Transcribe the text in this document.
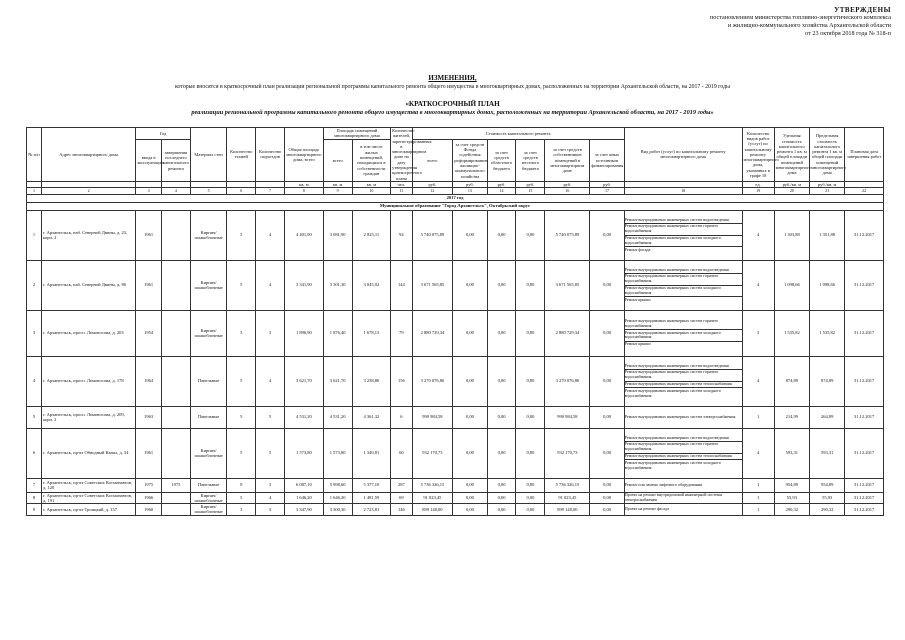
УТВЕРЖДЕНЫ
постановлением министерства топливно-энергетического комплекса
и жилищно-коммунального хозяйства Архангельской области
от 23 октября 2018 года № 318-п
ИЗМЕНЕНИЯ,
которые вносятся в краткосрочный план реализации региональной программы капитального ремонта общего имущества в многоквартирных домах, расположенных на территории Архангельской области, на 2017 - 2019 годы
«КРАТКОСРОЧНЫЙ ПЛАН
реализации региональной программы капитального ремонта общего имущества в многоквартирных домах, расположенных на территории Архангельской области, на 2017 - 2019 годы»
№ п/п	Адрес многоквартирного дома	Год		Материал стен	Количество этажей	Количество подъездов	Общая площадь многоквартирного дома, всего	Площадь помещений многоквартирного дома		Количество жителей, зарегистрированных в многоквартирном доме на дату утверждения краткосрочного плана	Стоимость капитального ремонта						Вид работ (услуг) по капитальному ремонту многоквартирного дома	Количество видов работ (услуг) по капитальному ремонту многоквартирного дома, указанных в графе 18	Удельная стоимость капитального ремонта 1 кв. м общей площади помещений многоквартирного дома	Предельная стоимость капитального ремонта 1 кв. м общей площади помещений многоквартирного дома	Плановая дата завершения работ
		ввода в эксплуатацию	завершения последнего капитального ремонта					всего	в том числе жилых помещений, находящихся в собственности граждан		всего	за счет средств Фонда содействия реформированию жилищно-коммунального хозяйства	за счет средств областного бюджета	за счет средств местного бюджета	за счет средств собственников помещений в многоквартирном доме	за счет иных источников финансирования					

							кв. м	кв. м	кв. м	чел.	руб.	руб.	руб.	руб.	руб.	руб.		ед.	руб./кв. м	руб./кв. м	
1	2	3	4	5	6	7	8	9	10	11	12	13	14	15	16	17	18	19	20	21	22
2017 год																					
Муниципальное образование "Город Архангельск", Октябрьский округ																					
1	г. Архангельск, наб. Северной Двины, д. 23, корп. 2	1961		Кирпич/ шлакоблочные	5	4	4 401,90	3 081,90	2 825,11	94	5 740 075,89	0,00	0,00	0,00	5 740 075,89	0,00	Ремонт внутридомовых инженерных систем водоотведения
Ремонт внутридомовых инженерных систем горячего водоснабжения
Ремонт внутридомовых инженерных систем холодного водоснабжения
Ремонт фасада	4	1 303,88	1 351,88	31.12.2017
2	г. Архангельск, наб. Северной Двины, д. 86	1961		Кирпич/ шлакоблочные	5	4	3 341,90	3 301,30	3 045,92	144	3 671 565,85	0,00	0,00	0,00	3 671 565,85	0,00	Ремонт внутридомовых инженерных систем водоотведения
Ремонт внутридомовых инженерных систем горячего водоснабжения
Ремонт внутридомовых инженерных систем холодного водоснабжения
Ремонт крыши	4	1 098,66	1 098,66	31.12.2017
3	г. Архангельск, просп. Ломоносова, д. 203	1954		Кирпич/ шлакоблочные	3	3	1 896,90	1 876,40	1 678,13	79	2 880 729,34	0,00	0,00	0,00	2 880 729,34	0,00	Ремонт внутридомовых инженерных систем горячего водоснабжения
Ремонт внутридомовых инженерных систем холодного водоснабжения
Ремонт крыши	3	1 535,82	1 535,82	31.12.2017
4	г. Архангельск, просп. Ломоносова, д. 178	1964		Панельные	5	4	3 621,70	3 621,70	3 238,86	156	3 270 076,86	0,00	0,00	0,00	3 270 076,86	0,00	Ремонт внутридомовых инженерных систем водоотведения
Ремонт внутридомовых инженерных систем горячего водоснабжения
Ремонт внутридомовых инженерных систем теплоснабжения
Ремонт внутридомовых инженерных систем холодного водоснабжения	4	874,89	874,89	31.12.2017
5	г. Архангельск, просп. Ломоносова, д. 209, корп. 2	1963		Панельные	5	5	4 531,20	4 531,20	4 361,32	6	990 984,58	0,00	0,00	0,00	990 984,58	0,00	Ремонт внутридомовых инженерных систем электроснабжения	1	214,99	264,89	31.12.2017
6	г. Архангельск, пр-кт Обводный Канал, д. 54	1961		Кирпич/ шлакоблочные	5	5	1 573,80	1 573,80	1 349,81	60	932 170,73	0,00	0,00	0,00	932 170,73	0,00	Ремонт внутридомовых инженерных систем водоотведения
Ремонт внутридомовых инженерных систем горячего водоснабжения
Ремонт внутридомовых инженерных систем теплоснабжения
Ремонт внутридомовых инженерных систем холодного водоснабжения	4	593,31	593,31	31.12.2017
7	г. Архангельск, пр-кт Советских Космонавтов, д. 120	1975	1975	Панельные	9	3	6 087,10	5 998,60	5 377,10	287	5 736 326,15	0,00	0,00	0,00	5 736 326,15	0,00	Ремонт или замена лифтового оборудования	1	954,89	954,89	31.12.2017
8	г. Архангельск, пр-кт Советских Космонавтов, д. 191	1966		Кирпич/ шлакоблочные	5	4	1 646,20	1 646,20	1 481,59	69	91 023,45	0,00	0,00	0,00	91 023,45	0,00	Проект на ремонт внутридомовой инженерной системы электроснабжения	1	55,93	55,93	31.12.2017
9	г. Архангельск, пр-кт Троицкий, д. 157	1960		Кирпич/ шлакоблочные	3	3	3 347,90	3 300,30	2 723,81	146	899 148,00	0,00	0,00	0,00	899 148,00	0,00	Проект на ремонт фасада	1	290,32	290,32	31.12.2017
